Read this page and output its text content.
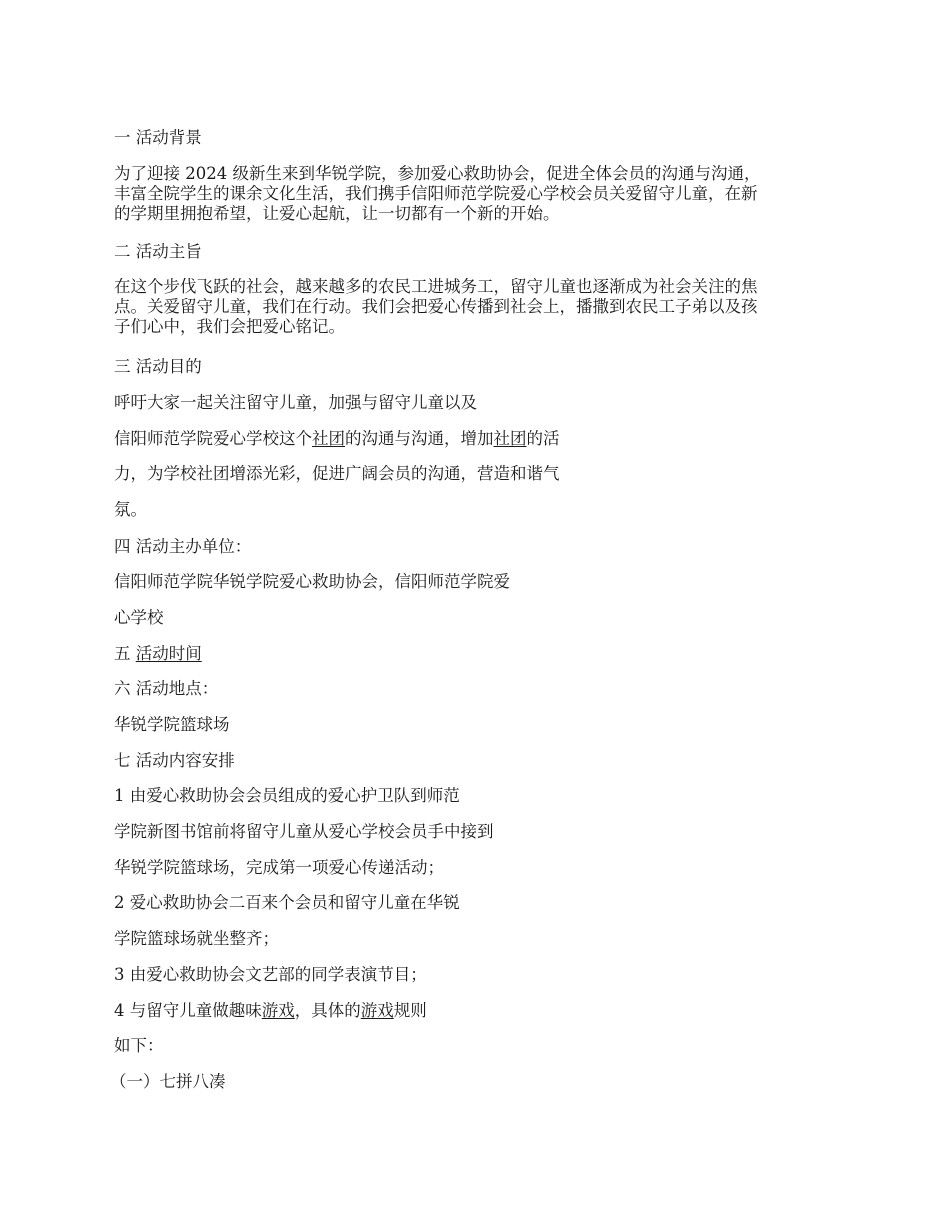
一 活动背景
为了迎接 2024 级新生来到华锐学院，参加爱心救助协会，促进全体会员的沟通与沟通，
丰富全院学生的课余文化生活，我们携手信阳师范学院爱心学校会员关爱留守儿童，在新
的学期里拥抱希望，让爱心起航，让一切都有一个新的开始。
二 活动主旨
在这个步伐飞跃的社会，越来越多的农民工进城务工，留守儿童也逐渐成为社会关注的焦
点。关爱留守儿童，我们在行动。我们会把爱心传播到社会上，播撒到农民工子弟以及孩
子们心中，我们会把爱心铭记。
三 活动目的
呼吁大家一起关注留守儿童，加强与留守儿童以及
信阳师范学院爱心学校这个社团的沟通与沟通，增加社团的活
力，为学校社团增添光彩，促进广阔会员的沟通，营造和谐气
氛。
四 活动主办单位：
信阳师范学院华锐学院爱心救助协会，信阳师范学院爱
心学校
五 活动时间
六 活动地点：
华锐学院篮球场
七 活动内容安排
1 由爱心救助协会会员组成的爱心护卫队到师范
学院新图书馆前将留守儿童从爱心学校会员手中接到
华锐学院篮球场，完成第一项爱心传递活动；
2 爱心救助协会二百来个会员和留守儿童在华锐
学院篮球场就坐整齐；
3 由爱心救助协会文艺部的同学表演节目；
4 与留守儿童做趣味游戏，具体的游戏规则
如下：
（一）七拼八凑
